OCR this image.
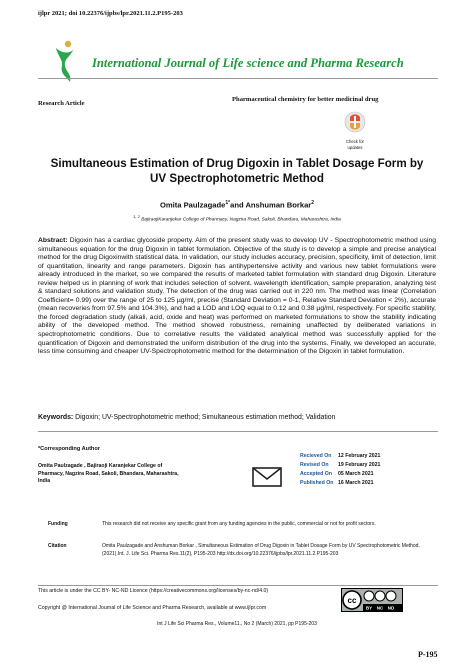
ijlpr 2021; doi 10.22376/ijpbs/lpr.2021.11.2.P195-203
International Journal of Life science and Pharma Research
Research Article
Pharmaceutical chemistry for better medicinal drug
Check for
updates
Simultaneous Estimation of Drug Digoxin in Tablet Dosage Form by
UV Spectrophotometric Method
Omita Paulzagade$^{1*}$and Anshuman Borkar$^2$
$^{1, 2}$ BajiraojiKaranjekar College of Pharmacy, Nagzira Road, Sakoli, Bhandara, Maharashtra, India
Abstract: Digoxin has a cardiac glycoside property. Aim of the present study was to develop UV - Spectrophotometric method using simultaneous equation for the drug Digoxin in tablet formulation. Objective of the study is to develop a simple and precise analytical method for the drug Digoxinwith statistical data. In validation, our study includes accuracy, precision, specificity, limit of detection, limit of quantitation, linearity and range parameters. Digoxin has antihypertensive activity and various new tablet formulations were already introduced in the market, so we compared the results of marketed tablet formulation with standard drug Digoxin. Literature review helped us in planning of work that includes selection of solvent, wavelength identification, sample preparation, analyzing test & standard solutions and validation study. The detection of the drug was carried out in 220 nm. The method was linear (Correlation Coefficient= 0.99) over the range of 25 to 125 µg/ml, precise (Standard Deviation = 0-1, Relative Standard Deviation < 2%), accurate (mean recoveries from 97.5% and 104.3%), and had a LOD and LOQ equal to 0.12 and 0.38 µg/ml, respectively. For specific stability, the forced degradation study (alkali, acid, oxide and heat) was performed on marketed formulations to show the stability indicating ability of the developed method. The method showed robustness, remaining unaffected by deliberated variations in spectrophotometric conditions. Due to correlative results the validated analytical method was successfully applied for the quantification of Digoxin and demonstrated the uniform distribution of the drug into the systems. Finally, we developed an accurate, less time consuming and cheaper UV-Spectrophotometric method for the determination of the Digoxin in tablet formulation.
Keywords: Digoxin; UV-Spectrophotometric method; Simultaneous estimation method; Validation
*Corresponding Author
Omita Paulzagade , Bajiraoji Karanjekar College of
Pharmacy, Nagzira Road, Sakoli, Bhandara, Maharashtra,
India
Recieved On 12 February 2021
Revised On 19 February 2021
Accepted On 05 March 2021
Published On 16 March 2021
Funding	This research did not receive any specific grant from any funding agencies in the public, commercial or not for profit sectors.
Citation	Omita Paulzagade and Anshuman Borkar , Simultaneous Estimation of Drug Digoxin in Tablet Dosage Form by UV Spectrophotometric Method.(2021).Int. J. Life Sci. Pharma Res.11(2), P195-203 http://dx.doi.org/10.22376/ijpbs/lpr.2021.11.2.P195-203
This article is under the CC BY- NC-ND Licence (https://creativecommons.org/licenses/by-nc-nd/4.0)
Copyright @ International Journal of Life Science and Pharma Research, available at www.ijlpr.com
cc
BY NC ND
Int J Life Sci Pharma Res., Volume11., No 2 (March) 2021, pp P195-203
P-195
